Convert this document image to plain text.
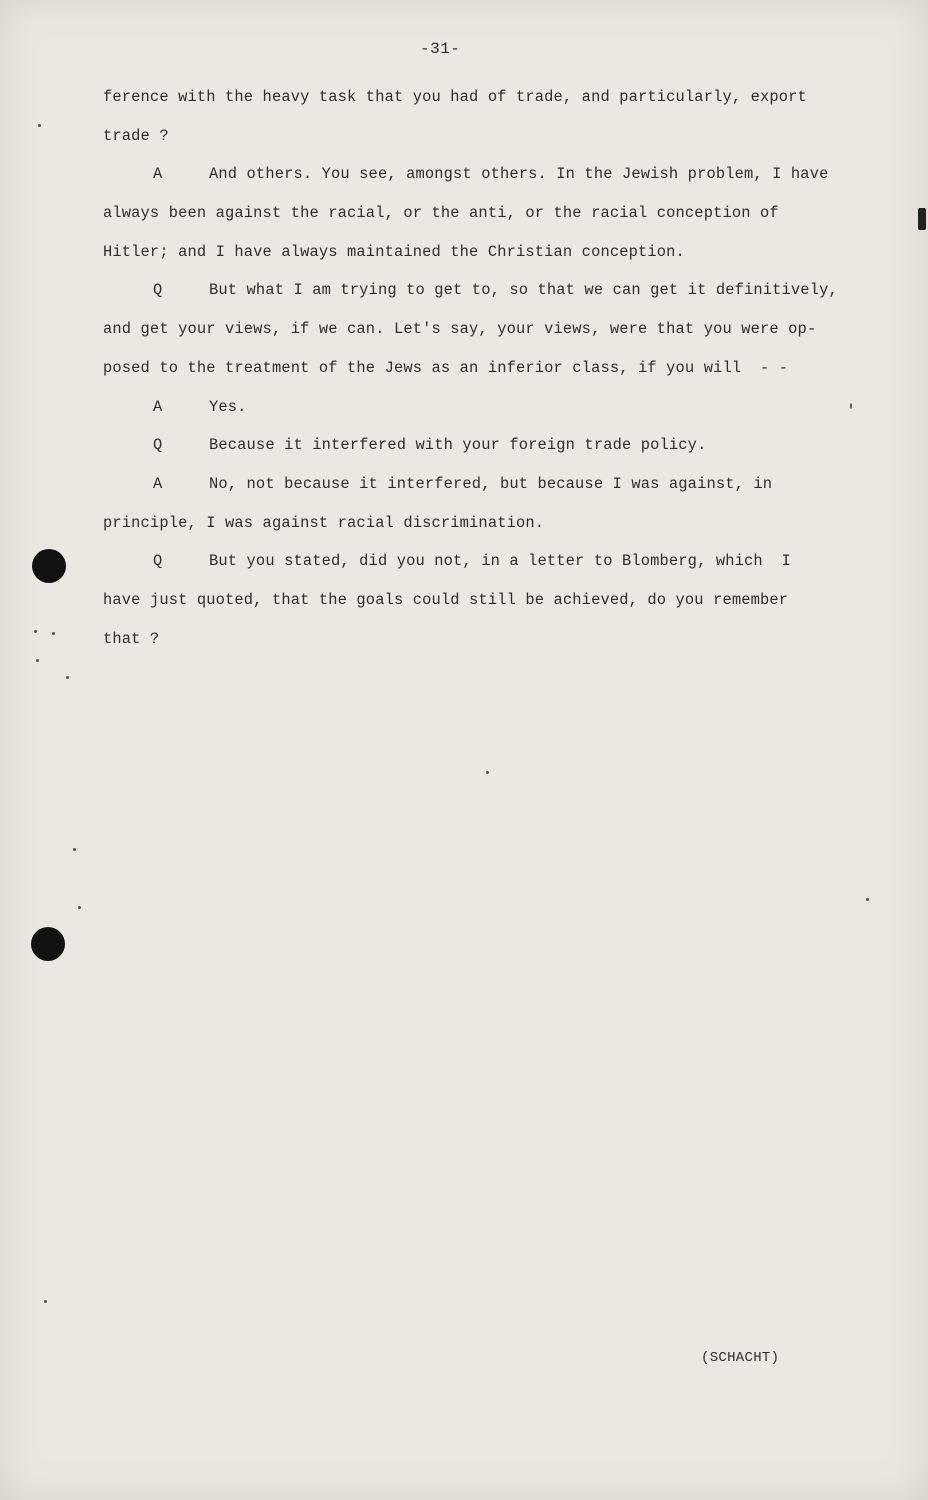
-31-

ference with the heavy task that you had of trade, and particularly, export

trade ?

A

	And others. You see, amongst others. In the Jewish problem, I have

always been against the racial, or the anti, or the racial conception of

Hitler; and I have always maintained the Christian conception.

Q

	But what I am trying to get to, so that we can get it definitively,

and get your views, if we can. Let's say, your views, were that you were op-

posed to the treatment of the Jews as an inferior class, if you will  - -

A

	Yes.

Q

	Because it interfered with your foreign trade policy.

A

	No, not because it interfered, but because I was against, in

principle, I was against racial discrimination.

Q

	But you stated, did you not, in a letter to Blomberg, which  I

have just quoted, that the goals could still be achieved, do you remember

that ?

(SCHACHT)
